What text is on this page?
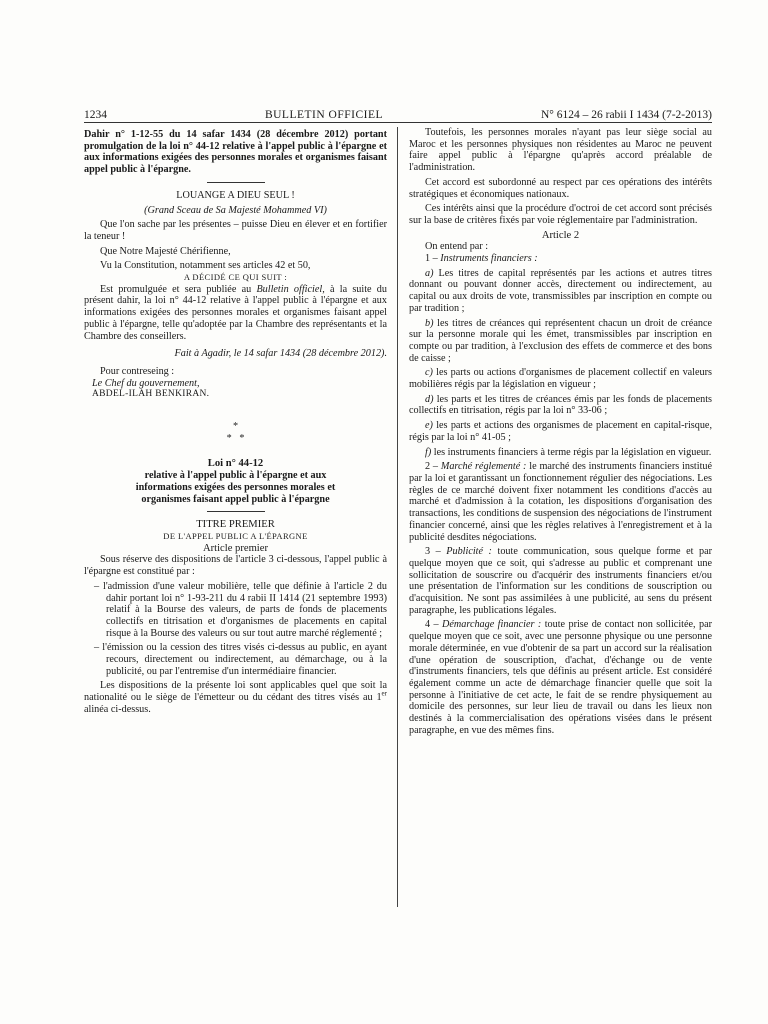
1234	BULLETIN OFFICIEL	N° 6124 – 26 rabii I 1434 (7-2-2013)

Dahir n° 1-12-55 du 14 safar 1434 (28 décembre 2012) portant promulgation de la loi n° 44-12 relative à l'appel public à l'épargne et aux informations exigées des personnes morales et organismes faisant appel public à l'épargne.

LOUANGE A DIEU SEUL !

(Grand Sceau de Sa Majesté Mohammed VI)

Que l'on sache par les présentes – puisse Dieu en élever et en fortifier la teneur !

Que Notre Majesté Chérifienne,

Vu la Constitution, notamment ses articles 42 et 50,

A DÉCIDÉ CE QUI SUIT :

Est promulguée et sera publiée au Bulletin officiel, à la suite du présent dahir, la loi n° 44-12 relative à l'appel public à l'épargne et aux informations exigées des personnes morales et organismes faisant appel public à l'épargne, telle qu'adoptée par la Chambre des représentants et la Chambre des conseillers.

Fait à Agadir, le 14 safar 1434 (28 décembre 2012).

Pour contreseing :

Le Chef du gouvernement,

ABDEL-ILAH BENKIRAN.

*

*   *

Loi n° 44-12

relative à l'appel public à l'épargne et aux informations exigées des personnes morales et organismes faisant appel public à l'épargne

TITRE PREMIER

DE L'APPEL PUBLIC A L'ÉPARGNE

Article premier

Sous réserve des dispositions de l'article 3 ci-dessous, l'appel public à l'épargne est constitué par :

– l'admission d'une valeur mobilière, telle que définie à l'article 2 du dahir portant loi n° 1-93-211 du 4 rabii II 1414 (21 septembre 1993) relatif à la Bourse des valeurs, de parts de fonds de placements collectifs en titrisation et d'organismes de placements en capital risque à la Bourse des valeurs ou sur tout autre marché réglementé ;

– l'émission ou la cession des titres visés ci-dessus au public, en ayant recours, directement ou indirectement, au démarchage, ou à la publicité, ou par l'entremise d'un intermédiaire financier.

Les dispositions de la présente loi sont applicables quel que soit la nationalité ou le siège de l'émetteur ou du cédant des titres visés au 1er alinéa ci-dessus.

Toutefois, les personnes morales n'ayant pas leur siège social au Maroc et les personnes physiques non résidentes au Maroc ne peuvent faire appel public à l'épargne qu'après accord préalable de l'administration.

Cet accord est subordonné au respect par ces opérations des intérêts stratégiques et économiques nationaux.

Ces intérêts ainsi que la procédure d'octroi de cet accord sont précisés sur la base de critères fixés par voie réglementaire par l'administration.

Article 2

On entend par :

1 – Instruments financiers :

a) Les titres de capital représentés par les actions et autres titres donnant ou pouvant donner accès, directement ou indirectement, au capital ou aux droits de vote, transmissibles par inscription en compte ou par tradition ;

b) les titres de créances qui représentent chacun un droit de créance sur la personne morale qui les émet, transmissibles par inscription en compte ou par tradition, à l'exclusion des effets de commerce et des bons de caisse ;

c) les parts ou actions d'organismes de placement collectif en valeurs mobilières régis par la législation en vigueur ;

d) les parts et les titres de créances émis par les fonds de placements collectifs en titrisation, régis par la loi n° 33-06 ;

e) les parts et actions des organismes de placement en capital-risque, régis par la loi n° 41-05 ;

f) les instruments financiers à terme régis par la législation en vigueur.

2 – Marché réglementé : le marché des instruments financiers institué par la loi et garantissant un fonctionnement régulier des négociations. Les règles de ce marché doivent fixer notamment les conditions d'accès au marché et d'admission à la cotation, les dispositions d'organisation des transactions, les conditions de suspension des négociations de l'instrument financier concerné, ainsi que les règles relatives à l'enregistrement et à la publicité desdites négociations.

3 – Publicité : toute communication, sous quelque forme et par quelque moyen que ce soit, qui s'adresse au public et comprenant une sollicitation de souscrire ou d'acquérir des instruments financiers et/ou une présentation de l'information sur les conditions de souscription ou d'acquisition. Ne sont pas assimilées à une publicité, au sens du présent paragraphe, les publications légales.

4 – Démarchage financier : toute prise de contact non sollicitée, par quelque moyen que ce soit, avec une personne physique ou une personne morale déterminée, en vue d'obtenir de sa part un accord sur la réalisation d'une opération de souscription, d'achat, d'échange ou de vente d'instruments financiers, tels que définis au présent article. Est considéré également comme un acte de démarchage financier quelle que soit la personne à l'initiative de cet acte, le fait de se rendre physiquement au domicile des personnes, sur leur lieu de travail ou dans les lieux non destinés à la commercialisation des opérations visées dans le présent paragraphe, en vue des mêmes fins.
